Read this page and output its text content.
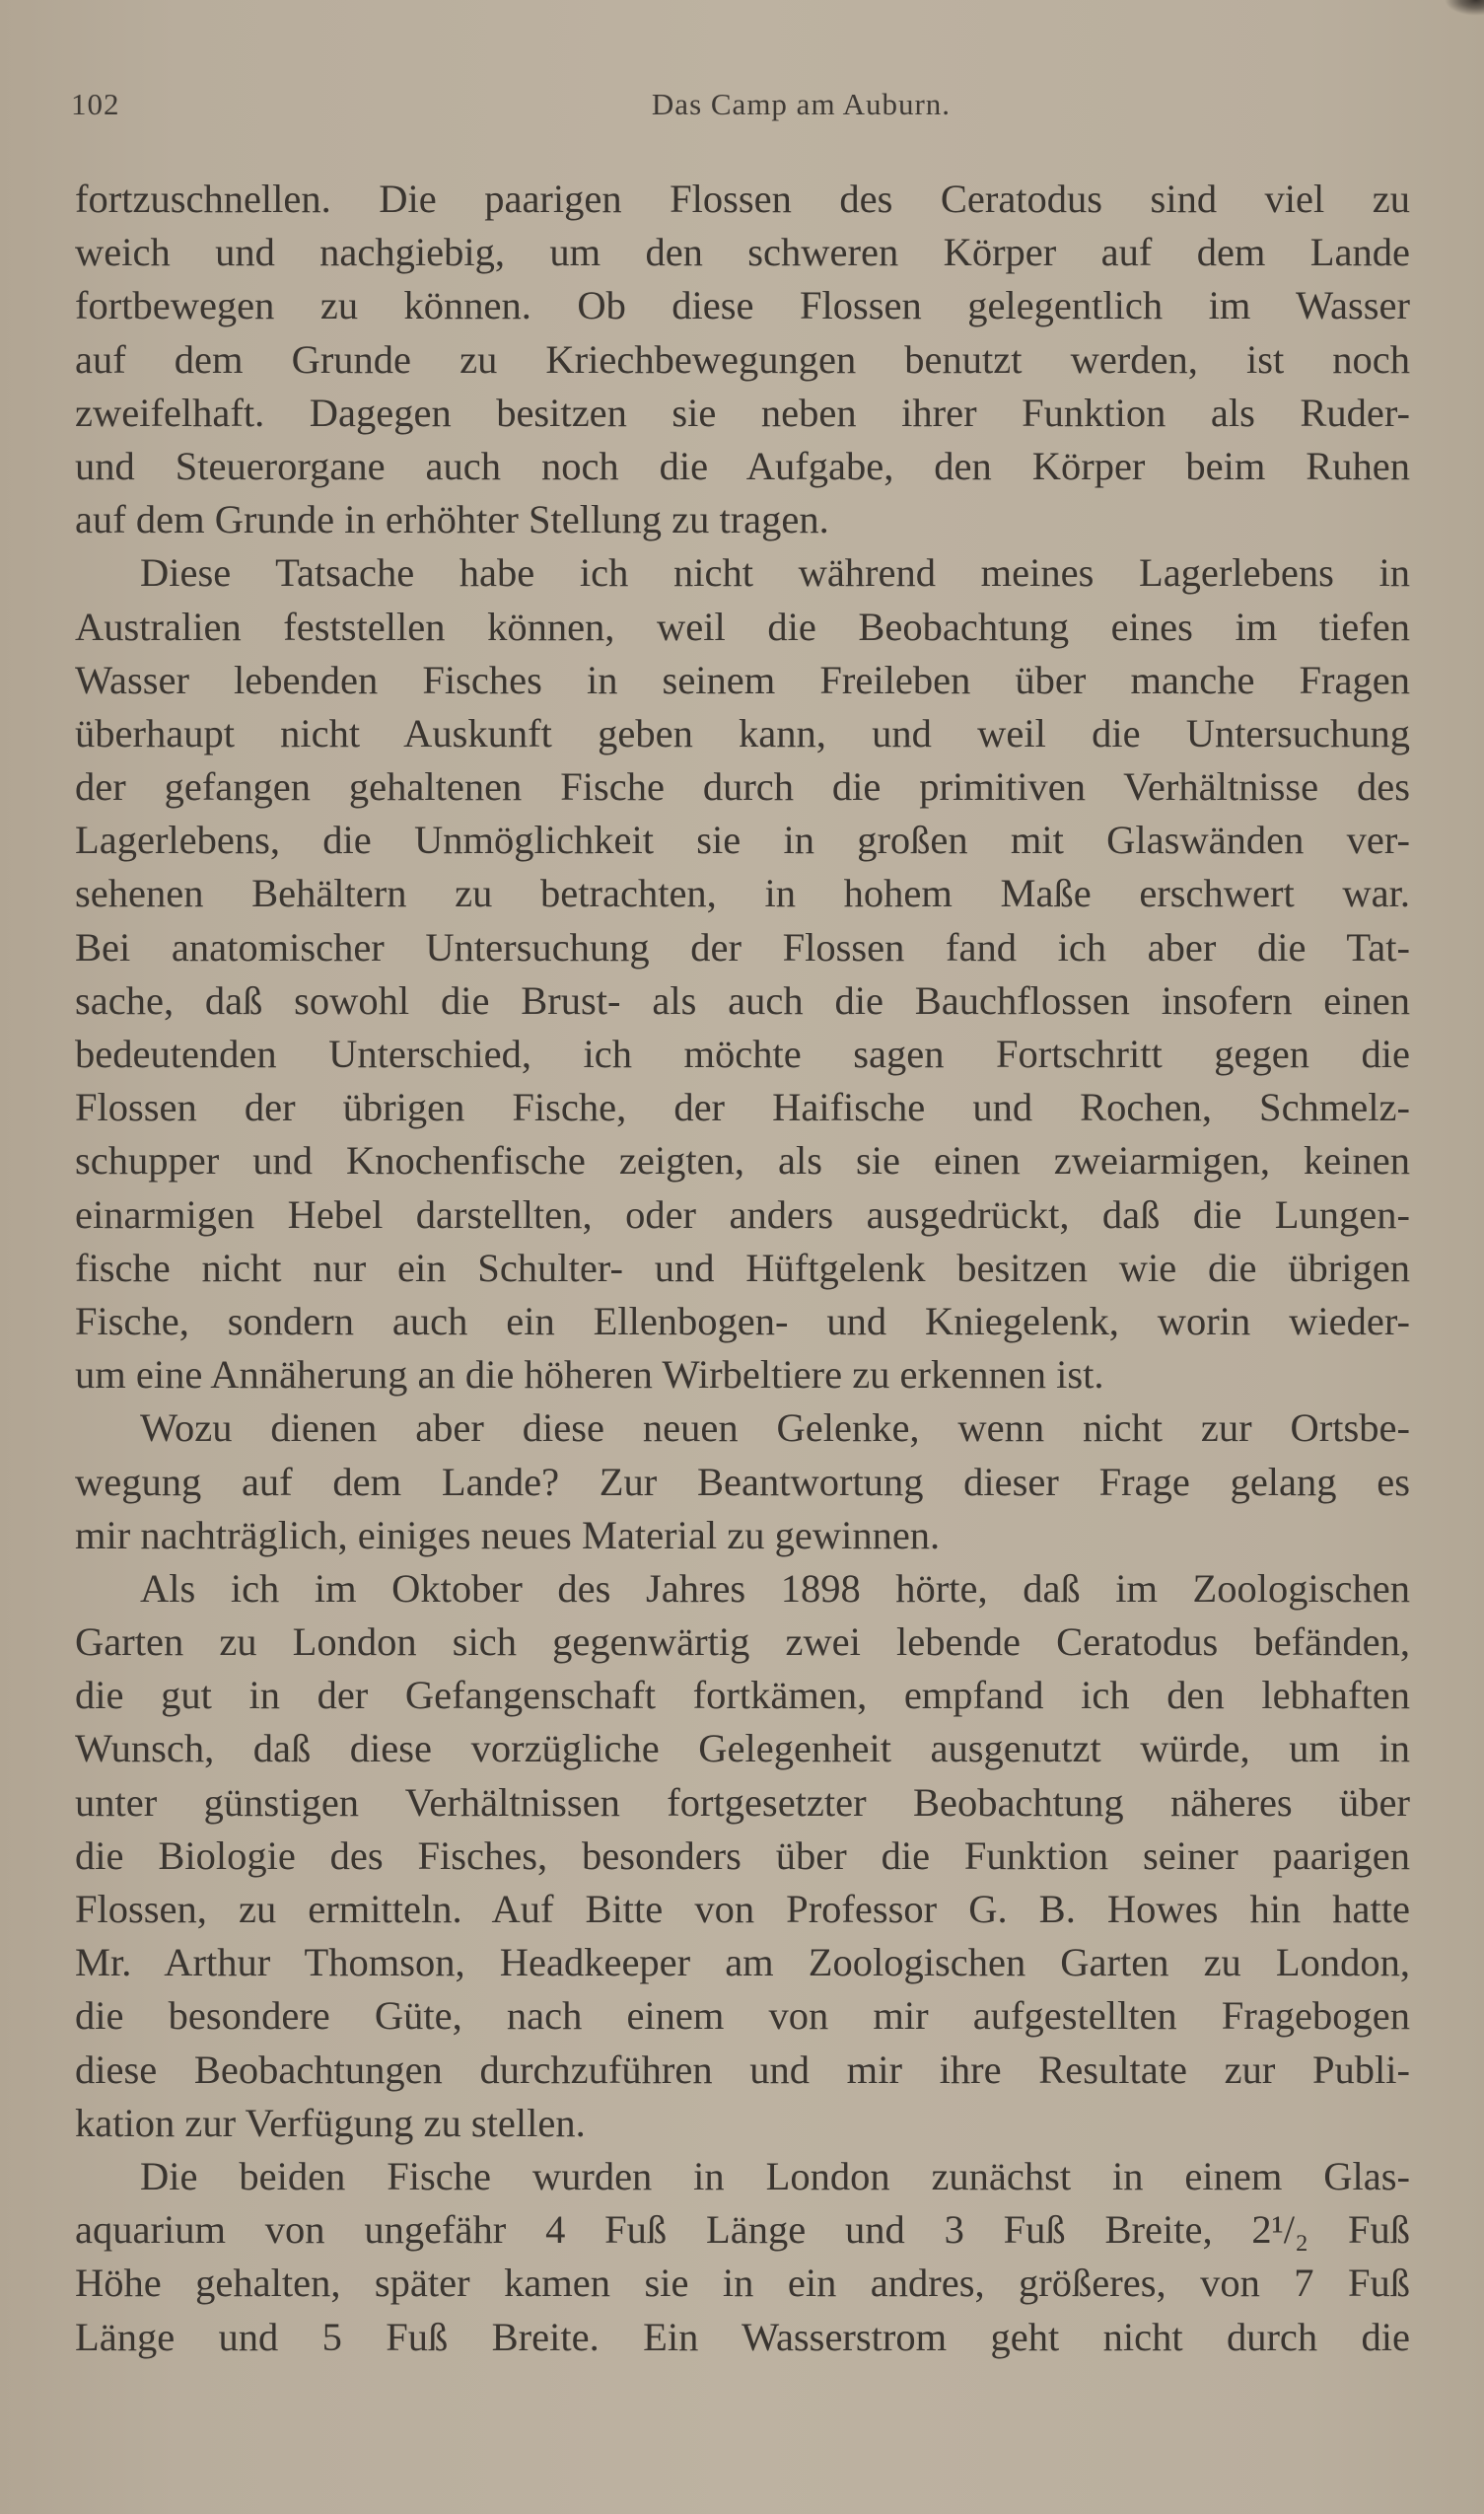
102	Das Camp am Auburn.
fortzuschnellen. Die paarigen Flossen des Ceratodus sind viel zu
weich und nachgiebig, um den schweren Körper auf dem Lande
fortbewegen zu können. Ob diese Flossen gelegentlich im Wasser
auf dem Grunde zu Kriechbewegungen benutzt werden, ist noch
zweifelhaft. Dagegen besitzen sie neben ihrer Funktion als Ruder-
und Steuerorgane auch noch die Aufgabe, den Körper beim Ruhen
auf dem Grunde in erhöhter Stellung zu tragen.
Diese Tatsache habe ich nicht während meines Lagerlebens in
Australien feststellen können, weil die Beobachtung eines im tiefen
Wasser lebenden Fisches in seinem Freileben über manche Fragen
überhaupt nicht Auskunft geben kann, und weil die Untersuchung
der gefangen gehaltenen Fische durch die primitiven Verhältnisse des
Lagerlebens, die Unmöglichkeit sie in großen mit Glaswänden ver-
sehenen Behältern zu betrachten, in hohem Maße erschwert war.
Bei anatomischer Untersuchung der Flossen fand ich aber die Tat-
sache, daß sowohl die Brust- als auch die Bauchflossen insofern einen
bedeutenden Unterschied, ich möchte sagen Fortschritt gegen die
Flossen der übrigen Fische, der Haifische und Rochen, Schmelz-
schupper und Knochenfische zeigten, als sie einen zweiarmigen, keinen
einarmigen Hebel darstellten, oder anders ausgedrückt, daß die Lungen-
fische nicht nur ein Schulter- und Hüftgelenk besitzen wie die übrigen
Fische, sondern auch ein Ellenbogen- und Kniegelenk, worin wieder-
um eine Annäherung an die höheren Wirbeltiere zu erkennen ist.
Wozu dienen aber diese neuen Gelenke, wenn nicht zur Ortsbe-
wegung auf dem Lande? Zur Beantwortung dieser Frage gelang es
mir nachträglich, einiges neues Material zu gewinnen.
Als ich im Oktober des Jahres 1898 hörte, daß im Zoologischen
Garten zu London sich gegenwärtig zwei lebende Ceratodus befänden,
die gut in der Gefangenschaft fortkämen, empfand ich den lebhaften
Wunsch, daß diese vorzügliche Gelegenheit ausgenutzt würde, um in
unter günstigen Verhältnissen fortgesetzter Beobachtung näheres über
die Biologie des Fisches, besonders über die Funktion seiner paarigen
Flossen, zu ermitteln. Auf Bitte von Professor G. B. Howes hin hatte
Mr. Arthur Thomson, Headkeeper am Zoologischen Garten zu London,
die besondere Güte, nach einem von mir aufgestellten Fragebogen
diese Beobachtungen durchzuführen und mir ihre Resultate zur Publi-
kation zur Verfügung zu stellen.
Die beiden Fische wurden in London zunächst in einem Glas-
aquarium von ungefähr 4 Fuß Länge und 3 Fuß Breite, 2¹/₂ Fuß
Höhe gehalten, später kamen sie in ein andres, größeres, von 7 Fuß
Länge und 5 Fuß Breite. Ein Wasserstrom geht nicht durch die
